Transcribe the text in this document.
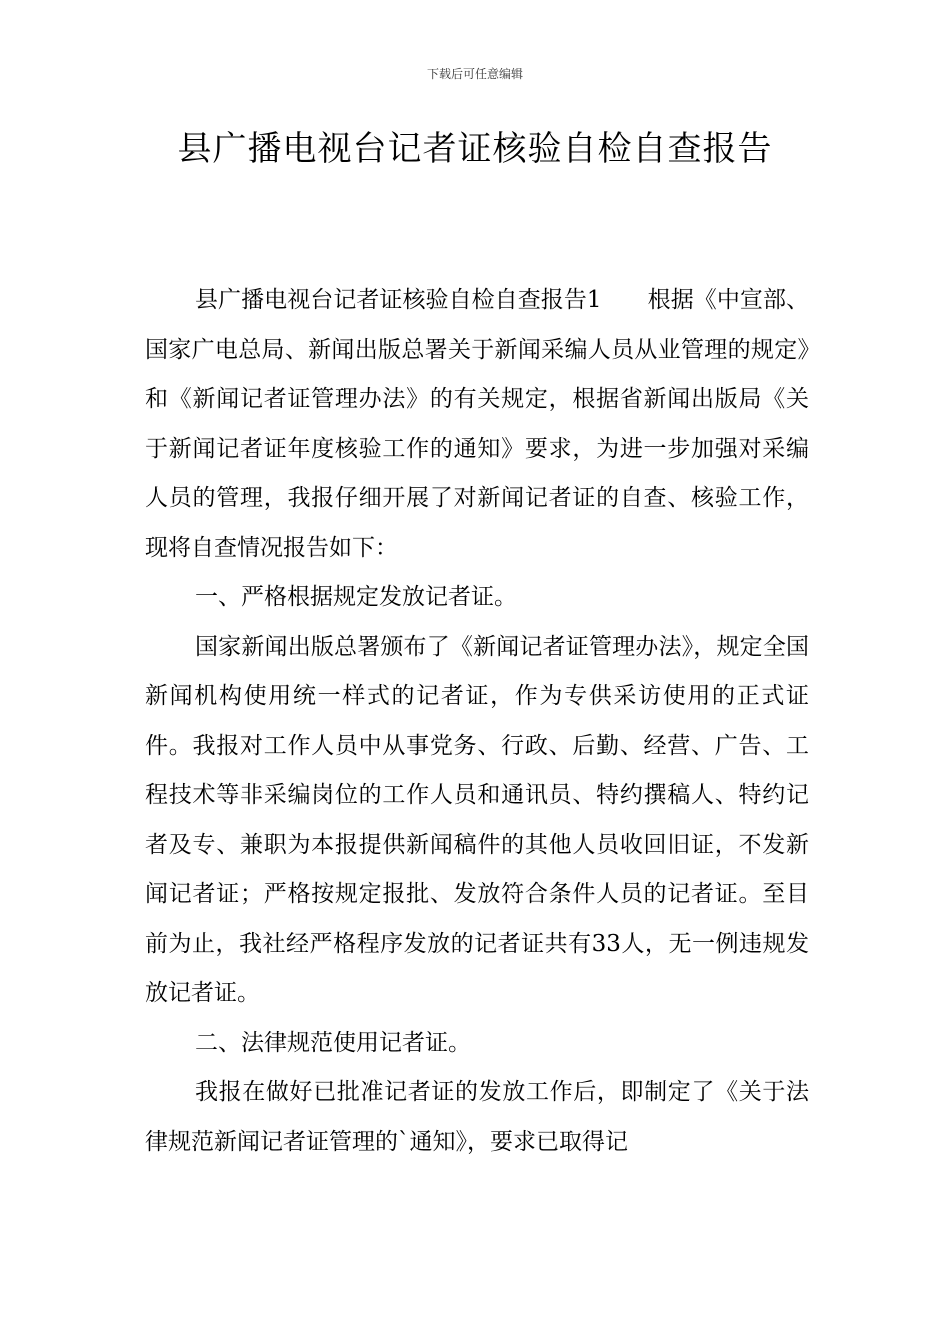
下载后可任意编辑
县广播电视台记者证核验自检自查报告

县广播电视台记者证核验自检自查报告1　　根据《中宣部、国家广电总局、新闻出版总署关于新闻采编人员从业管理的规定》和《新闻记者证管理办法》的有关规定，根据省新闻出版局《关于新闻记者证年度核验工作的通知》要求，为进一步加强对采编人员的管理，我报仔细开展了对新闻记者证的自查、核验工作，现将自查情况报告如下：

一、严格根据规定发放记者证。

国家新闻出版总署颁布了《新闻记者证管理办法》，规定全国新闻机构使用统一样式的记者证，作为专供采访使用的正式证件。我报对工作人员中从事党务、行政、后勤、经营、广告、工程技术等非采编岗位的工作人员和通讯员、特约撰稿人、特约记者及专、兼职为本报提供新闻稿件的其他人员收回旧证，不发新闻记者证；严格按规定报批、发放符合条件人员的记者证。至目前为止，我社经严格程序发放的记者证共有33人，无一例违规发放记者证。

二、法律规范使用记者证。

我报在做好已批准记者证的发放工作后，即制定了《关于法律规范新闻记者证管理的`通知》，要求已取得记
